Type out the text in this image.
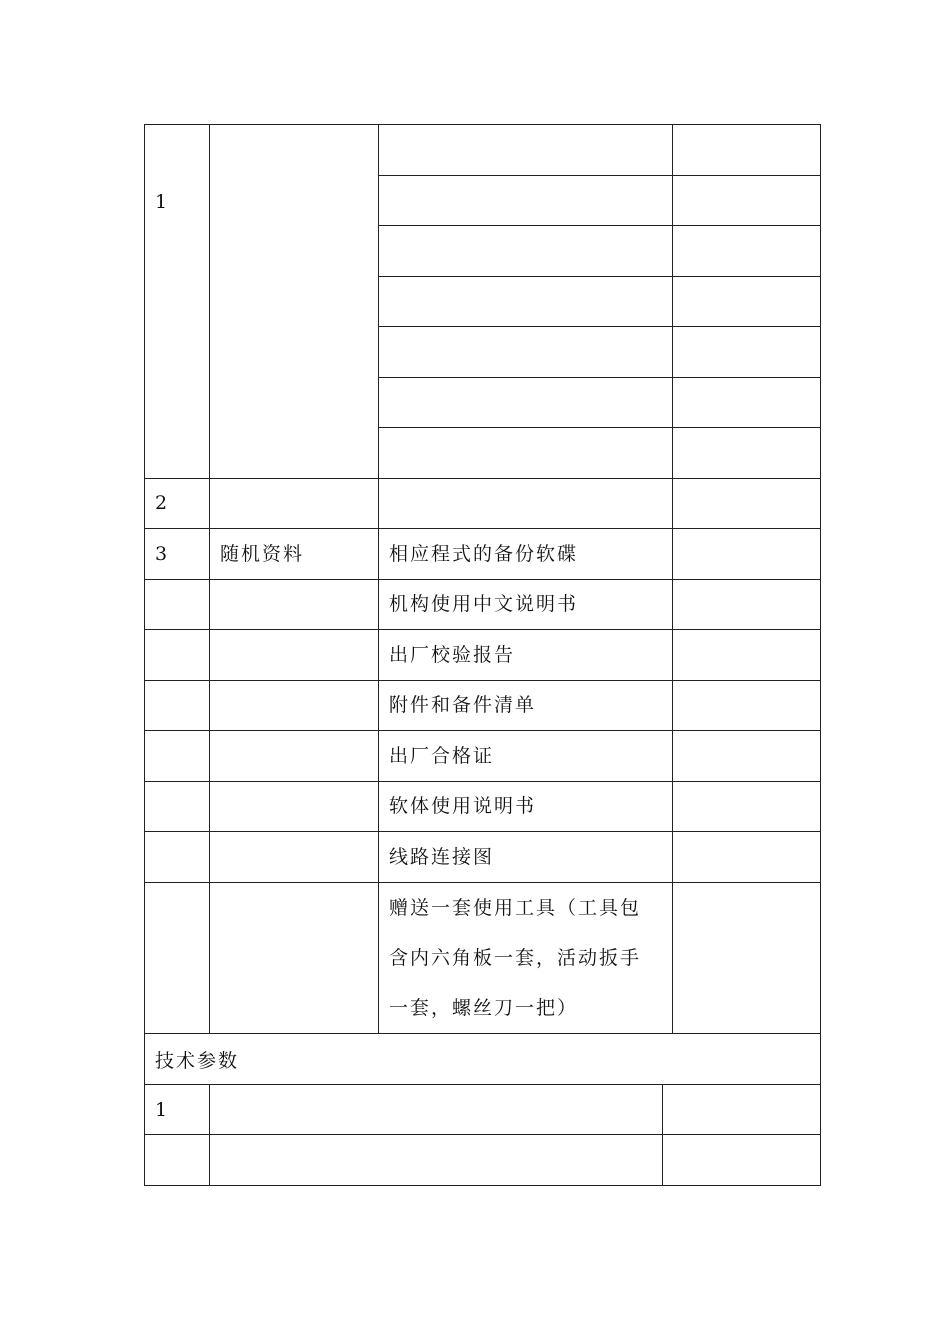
1			

2			
3	随机资料	相应程式的备份软碟	
		机构使用中文说明书	
		出厂校验报告	
		附件和备件清单	
		出厂合格证	
		软体使用说明书	
		线路连接图	

		赠送一套使用工具（工具包
含内六角板一套，活动扳手
一套，螺丝刀一把）	

技术参数		
1		
